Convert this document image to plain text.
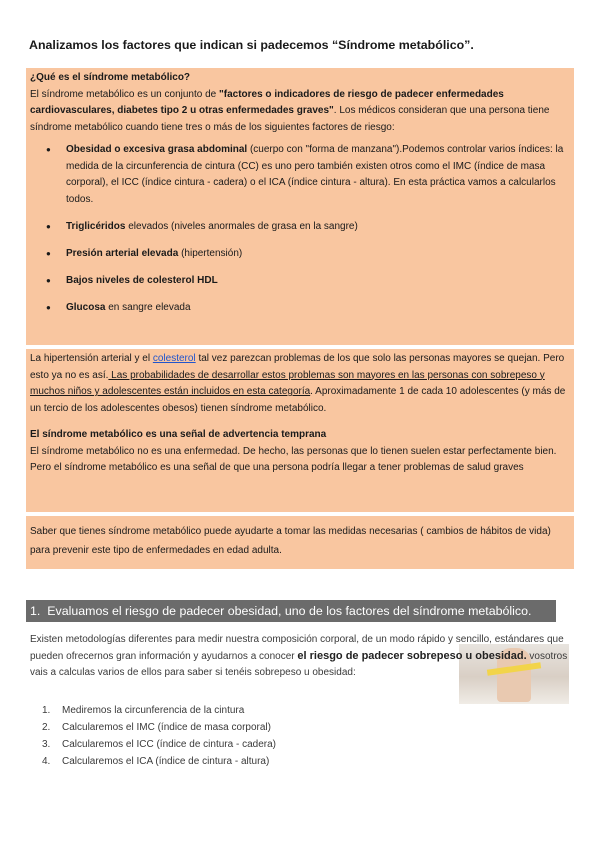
Analizamos los factores que indican si padecemos “Síndrome metabólico”.

¿Qué es el síndrome metabólico?

El síndrome metabólico es un conjunto de "factores o indicadores de riesgo de padecer enfermedades cardiovasculares, diabetes tipo 2 u otras enfermedades graves". Los médicos consideran que una persona tiene síndrome metabólico cuando tiene tres o más de los siguientes factores de riesgo:

● Obesidad o excesiva grasa abdominal (cuerpo con "forma de manzana").Podemos controlar varios índices: la medida de la circunferencia de cintura (CC) es uno pero también existen otros como el IMC (índice de masa corporal), el ICC (índice cintura - cadera) o el ICA (índice cintura - altura). En esta práctica vamos a calcularlos todos.
● Triglicéridos elevados (niveles anormales de grasa en la sangre)
● Presión arterial elevada (hipertensión)
● Bajos niveles de colesterol HDL
● Glucosa en sangre elevada

La hipertensión arterial y el colesterol tal vez parezcan problemas de los que solo las personas mayores se quejan. Pero esto ya no es así. Las probabilidades de desarrollar estos problemas son mayores en las personas con sobrepeso y muchos niños y adolescentes están incluidos en esta categoría. Aproximadamente 1 de cada 10 adolescentes (y más de un tercio de los adolescentes obesos) tienen síndrome metabólico.

El síndrome metabólico es una señal de advertencia temprana

El síndrome metabólico no es una enfermedad. De hecho, las personas que lo tienen suelen estar perfectamente bien. Pero el síndrome metabólico es una señal de que una persona podría llegar a tener problemas de salud graves

Saber que tienes síndrome metabólico puede ayudarte a tomar las medidas necesarias ( cambios de hábitos de vida) para prevenir este tipo de enfermedades en edad adulta.

1. Evaluamos el riesgo de padecer obesidad, uno de los factores del síndrome metabólico.

Existen metodologías diferentes para medir nuestra composición corporal, de un modo rápido y sencillo, estándares que pueden ofrecernos gran información y ayudarnos a conocer el riesgo de padecer sobrepeso u obesidad. vosotros vais a calculas varios de ellos para saber si tenéis sobrepeso u obesidad:

1.	Mediremos la circunferencia de la cintura
2.	Calcularemos el IMC (índice de masa corporal)
3.	Calcularemos el ICC (índice de cintura - cadera)
4.	Calcularemos el ICA (índice de cintura - altura)
